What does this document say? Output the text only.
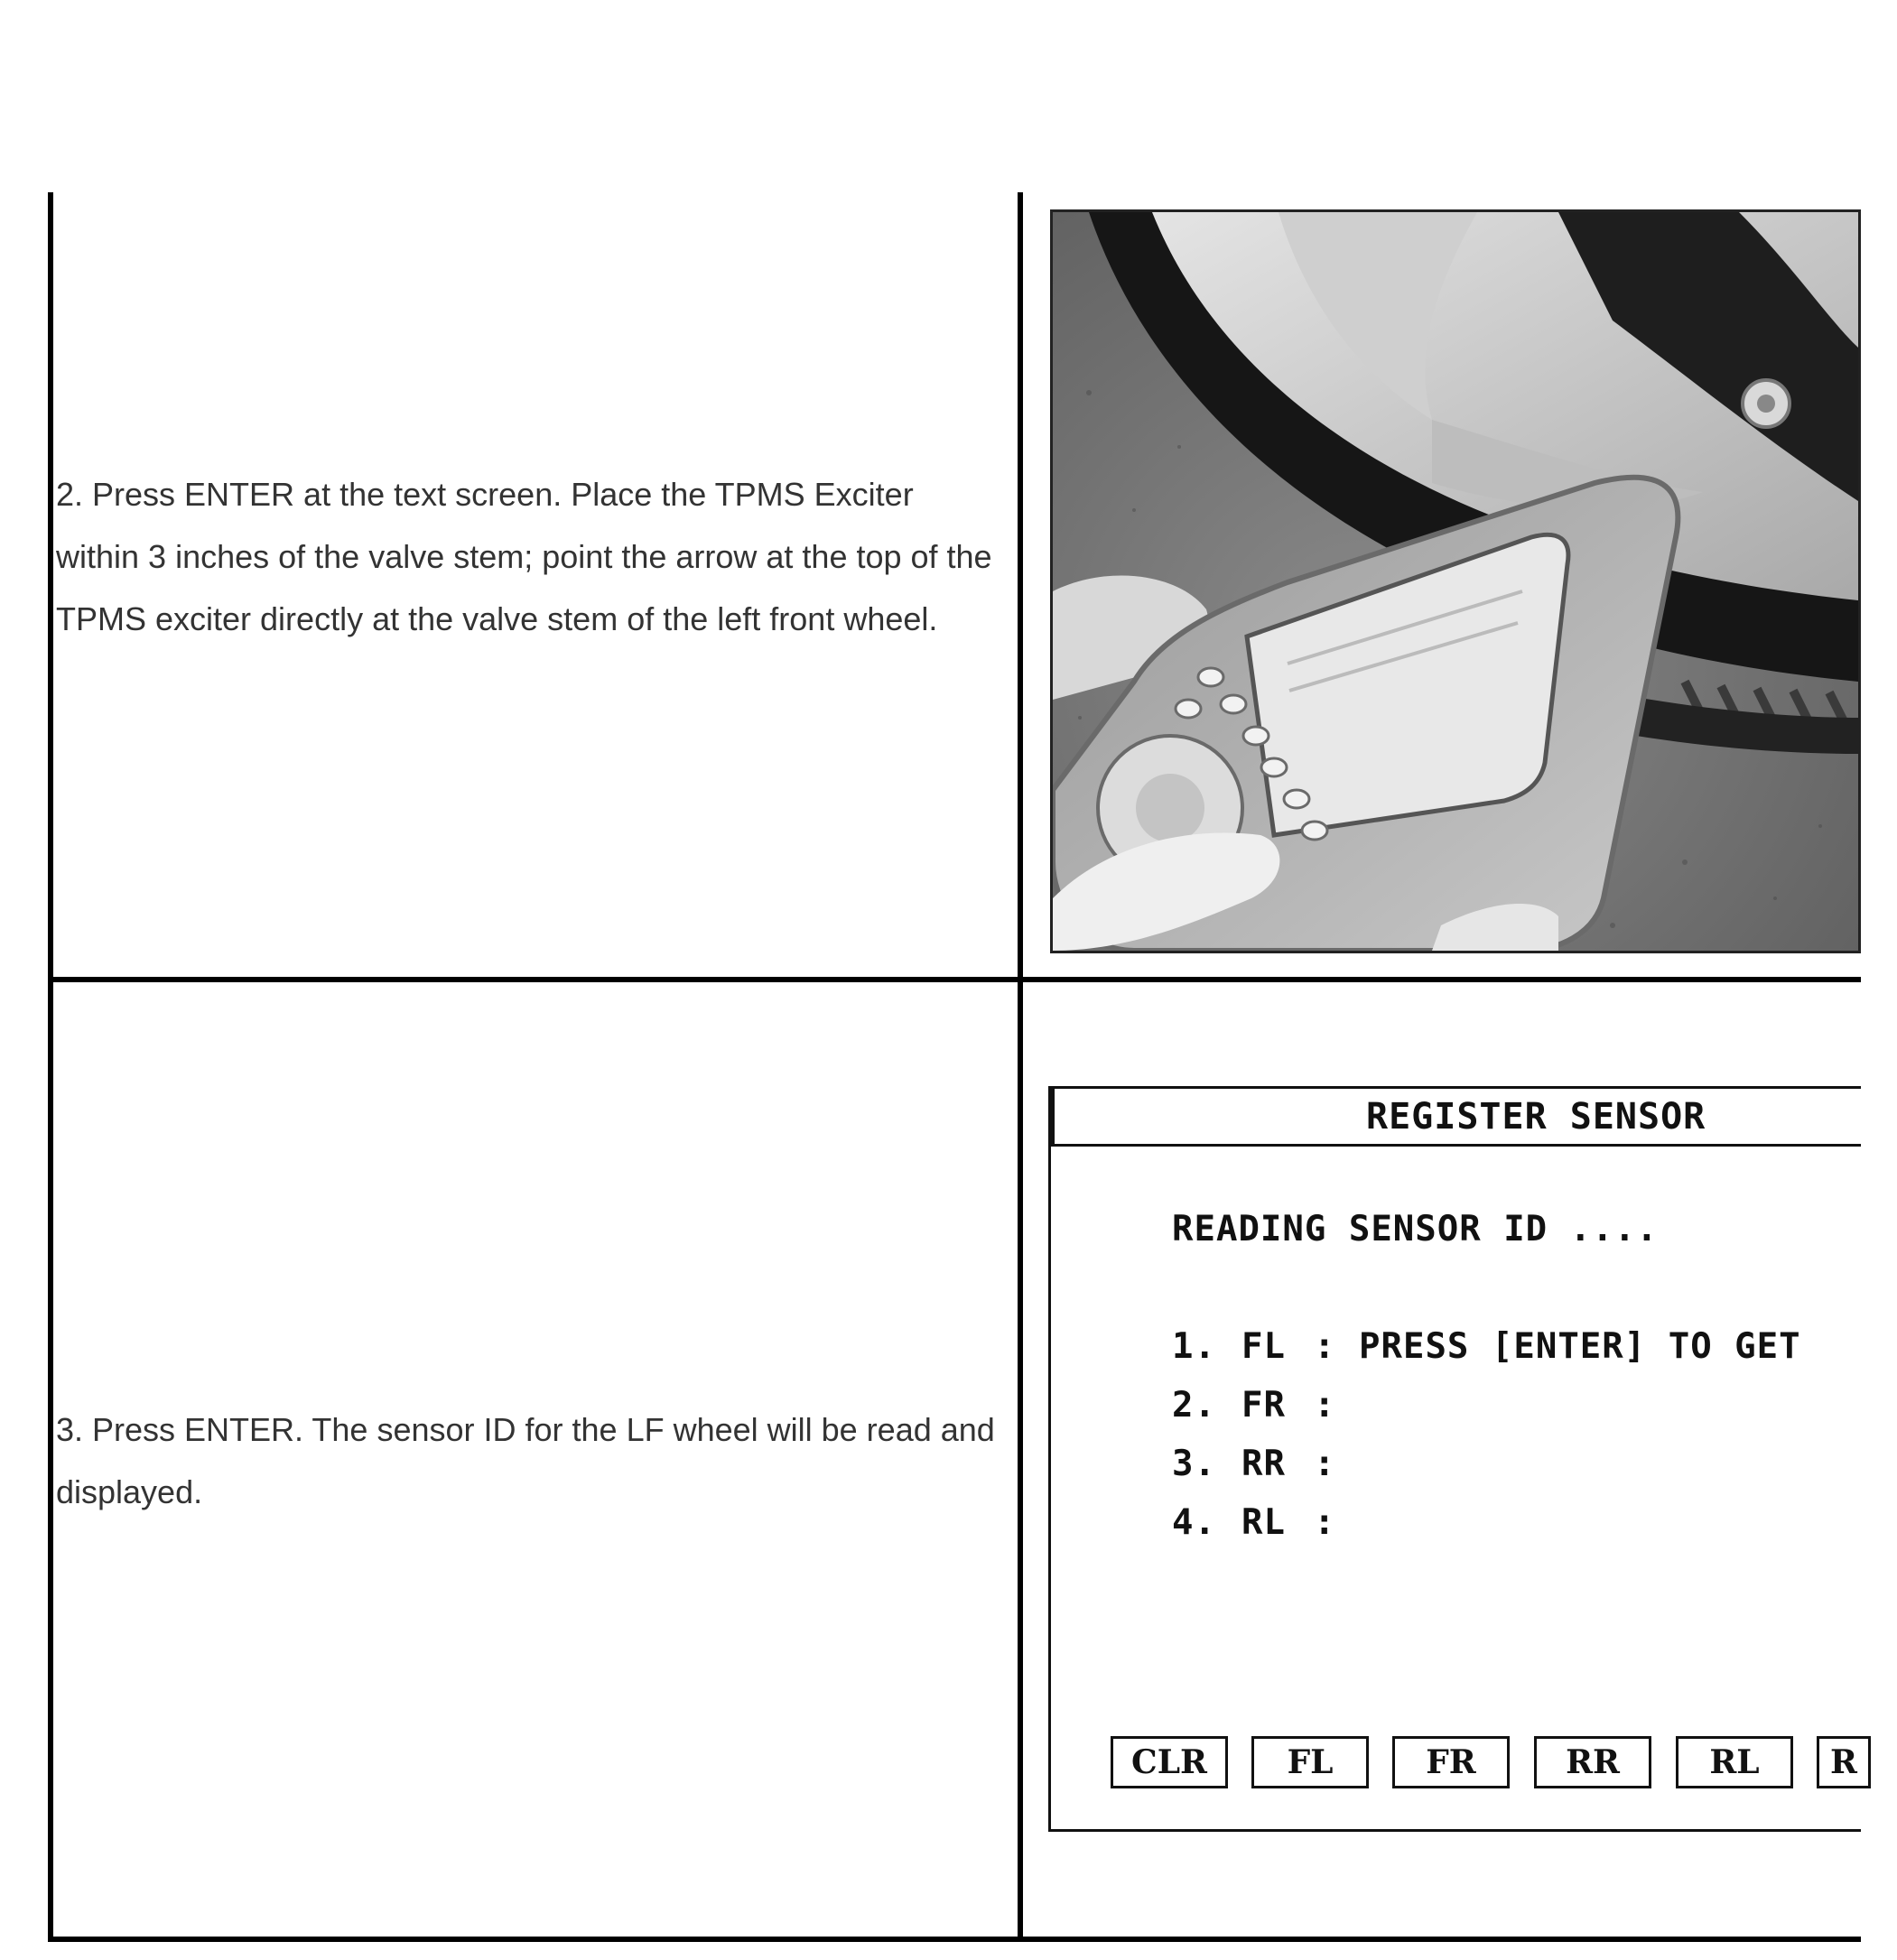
2. Press ENTER at the text screen. Place the TPMS Exciter within 3 inches of the valve stem; point the arrow at the top of the TPMS exciter directly at the valve stem of the left front wheel.
3. Press ENTER. The sensor ID for the LF wheel will be read and displayed.
REGISTER SENSOR
READING SENSOR ID ....
1. FL : PRESS [ENTER] TO GET
2. FR :
3. RR :
4. RL :
CLR	FL	FR	RR	RL	R
